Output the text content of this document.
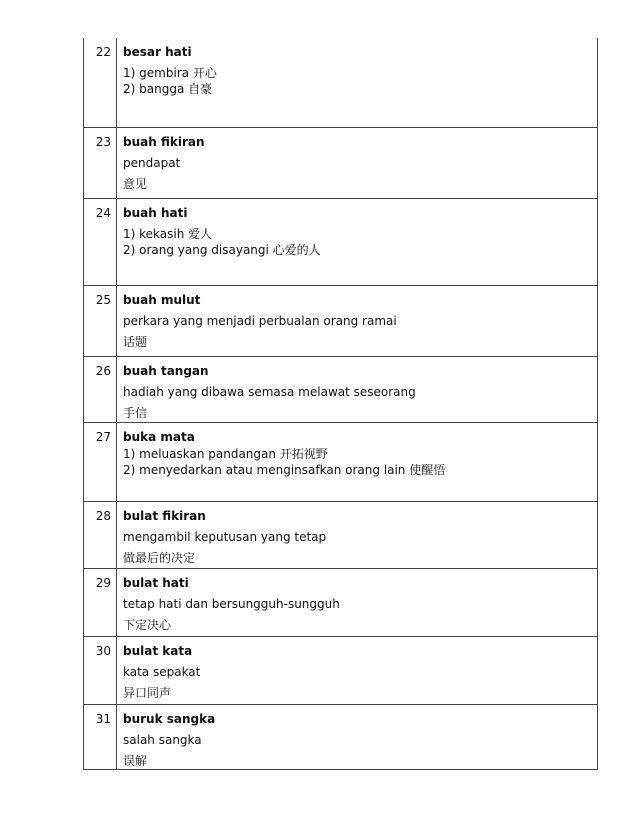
22	besar hati
1) gembira 开心
2) bangga 自豪

23	buah fikiran
pendapat
意见

24	buah hati
1) kekasih 爱人
2) orang yang disayangi 心爱的人

25	buah mulut
perkara yang menjadi perbualan orang ramai
话题

26	buah tangan
hadiah yang dibawa semasa melawat seseorang
手信

27	buka mata
1) meluaskan pandangan 开拓视野
2) menyedarkan atau menginsafkan orang lain 使醒悟

28	bulat fikiran
mengambil keputusan yang tetap
做最后的决定

29	bulat hati
tetap hati dan bersungguh-sungguh
下定决心

30	bulat kata
kata sepakat
异口同声

31	buruk sangka
salah sangka
误解
